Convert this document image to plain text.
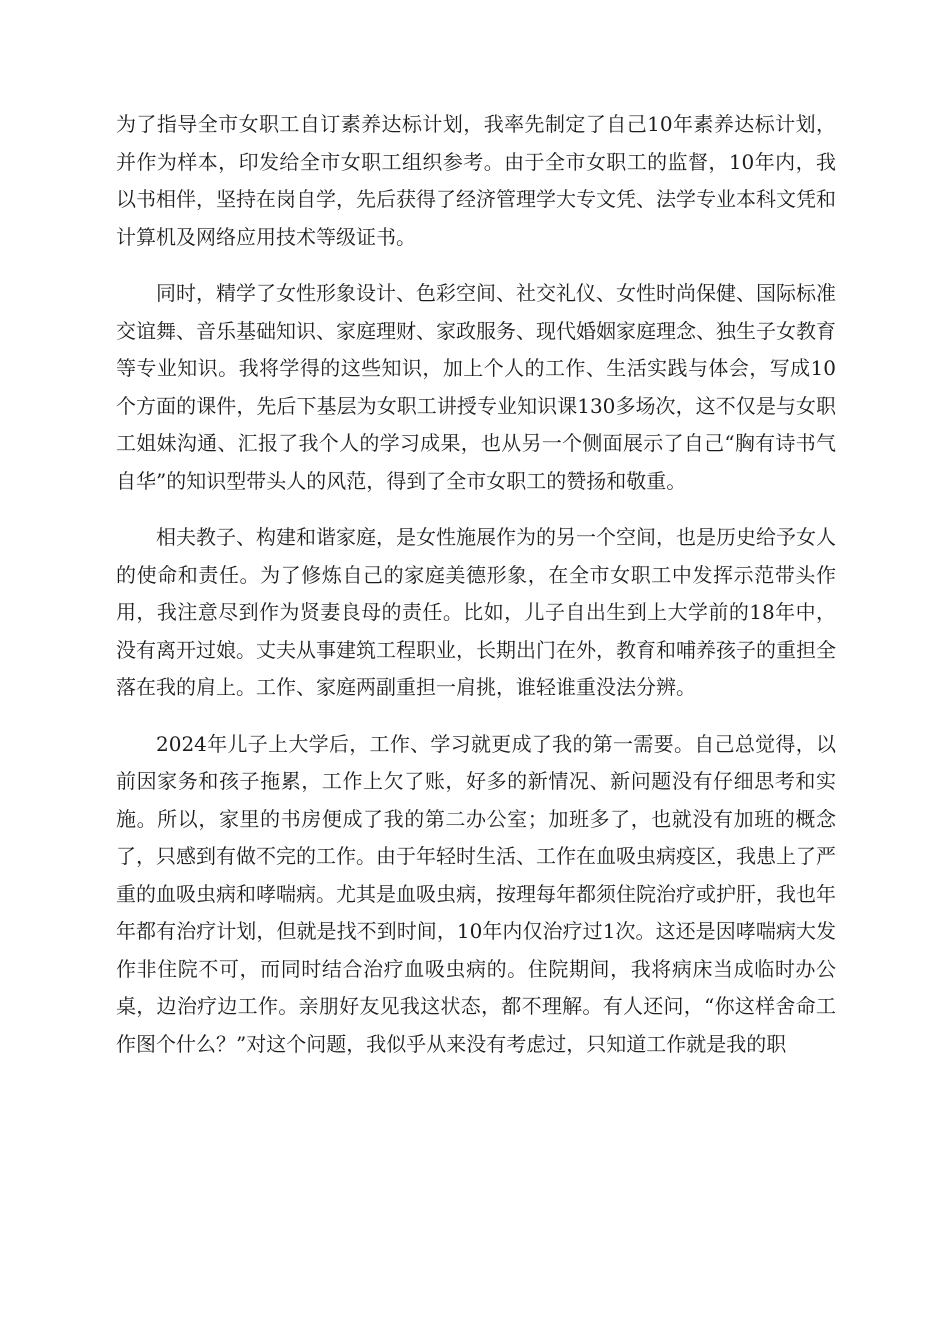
为了指导全市女职工自订素养达标计划，我率先制定了自己10年素养达标计划，并作为样本，印发给全市女职工组织参考。由于全市女职工的监督，10年内，我以书相伴，坚持在岗自学，先后获得了经济管理学大专文凭、法学专业本科文凭和计算机及网络应用技术等级证书。

同时，精学了女性形象设计、色彩空间、社交礼仪、女性时尚保健、国际标准交谊舞、音乐基础知识、家庭理财、家政服务、现代婚姻家庭理念、独生子女教育等专业知识。我将学得的这些知识，加上个人的工作、生活实践与体会，写成10个方面的课件，先后下基层为女职工讲授专业知识课130多场次，这不仅是与女职工姐妹沟通、汇报了我个人的学习成果，也从另一个侧面展示了自己“胸有诗书气自华”的知识型带头人的风范，得到了全市女职工的赞扬和敬重。

相夫教子、构建和谐家庭，是女性施展作为的另一个空间，也是历史给予女人的使命和责任。为了修炼自己的家庭美德形象，在全市女职工中发挥示范带头作用，我注意尽到作为贤妻良母的责任。比如，儿子自出生到上大学前的18年中，没有离开过娘。丈夫从事建筑工程职业，长期出门在外，教育和哺养孩子的重担全落在我的肩上。工作、家庭两副重担一肩挑，谁轻谁重没法分辨。

2024年儿子上大学后，工作、学习就更成了我的第一需要。自己总觉得，以前因家务和孩子拖累，工作上欠了账，好多的新情况、新问题没有仔细思考和实施。所以，家里的书房便成了我的第二办公室；加班多了，也就没有加班的概念了，只感到有做不完的工作。由于年轻时生活、工作在血吸虫病疫区，我患上了严重的血吸虫病和哮喘病。尤其是血吸虫病，按理每年都须住院治疗或护肝，我也年年都有治疗计划，但就是找不到时间，10年内仅治疗过1次。这还是因哮喘病大发作非住院不可，而同时结合治疗血吸虫病的。住院期间，我将病床当成临时办公桌，边治疗边工作。亲朋好友见我这状态，都不理解。有人还问，“你这样舍命工作图个什么？”对这个问题，我似乎从来没有考虑过，只知道工作就是我的职
